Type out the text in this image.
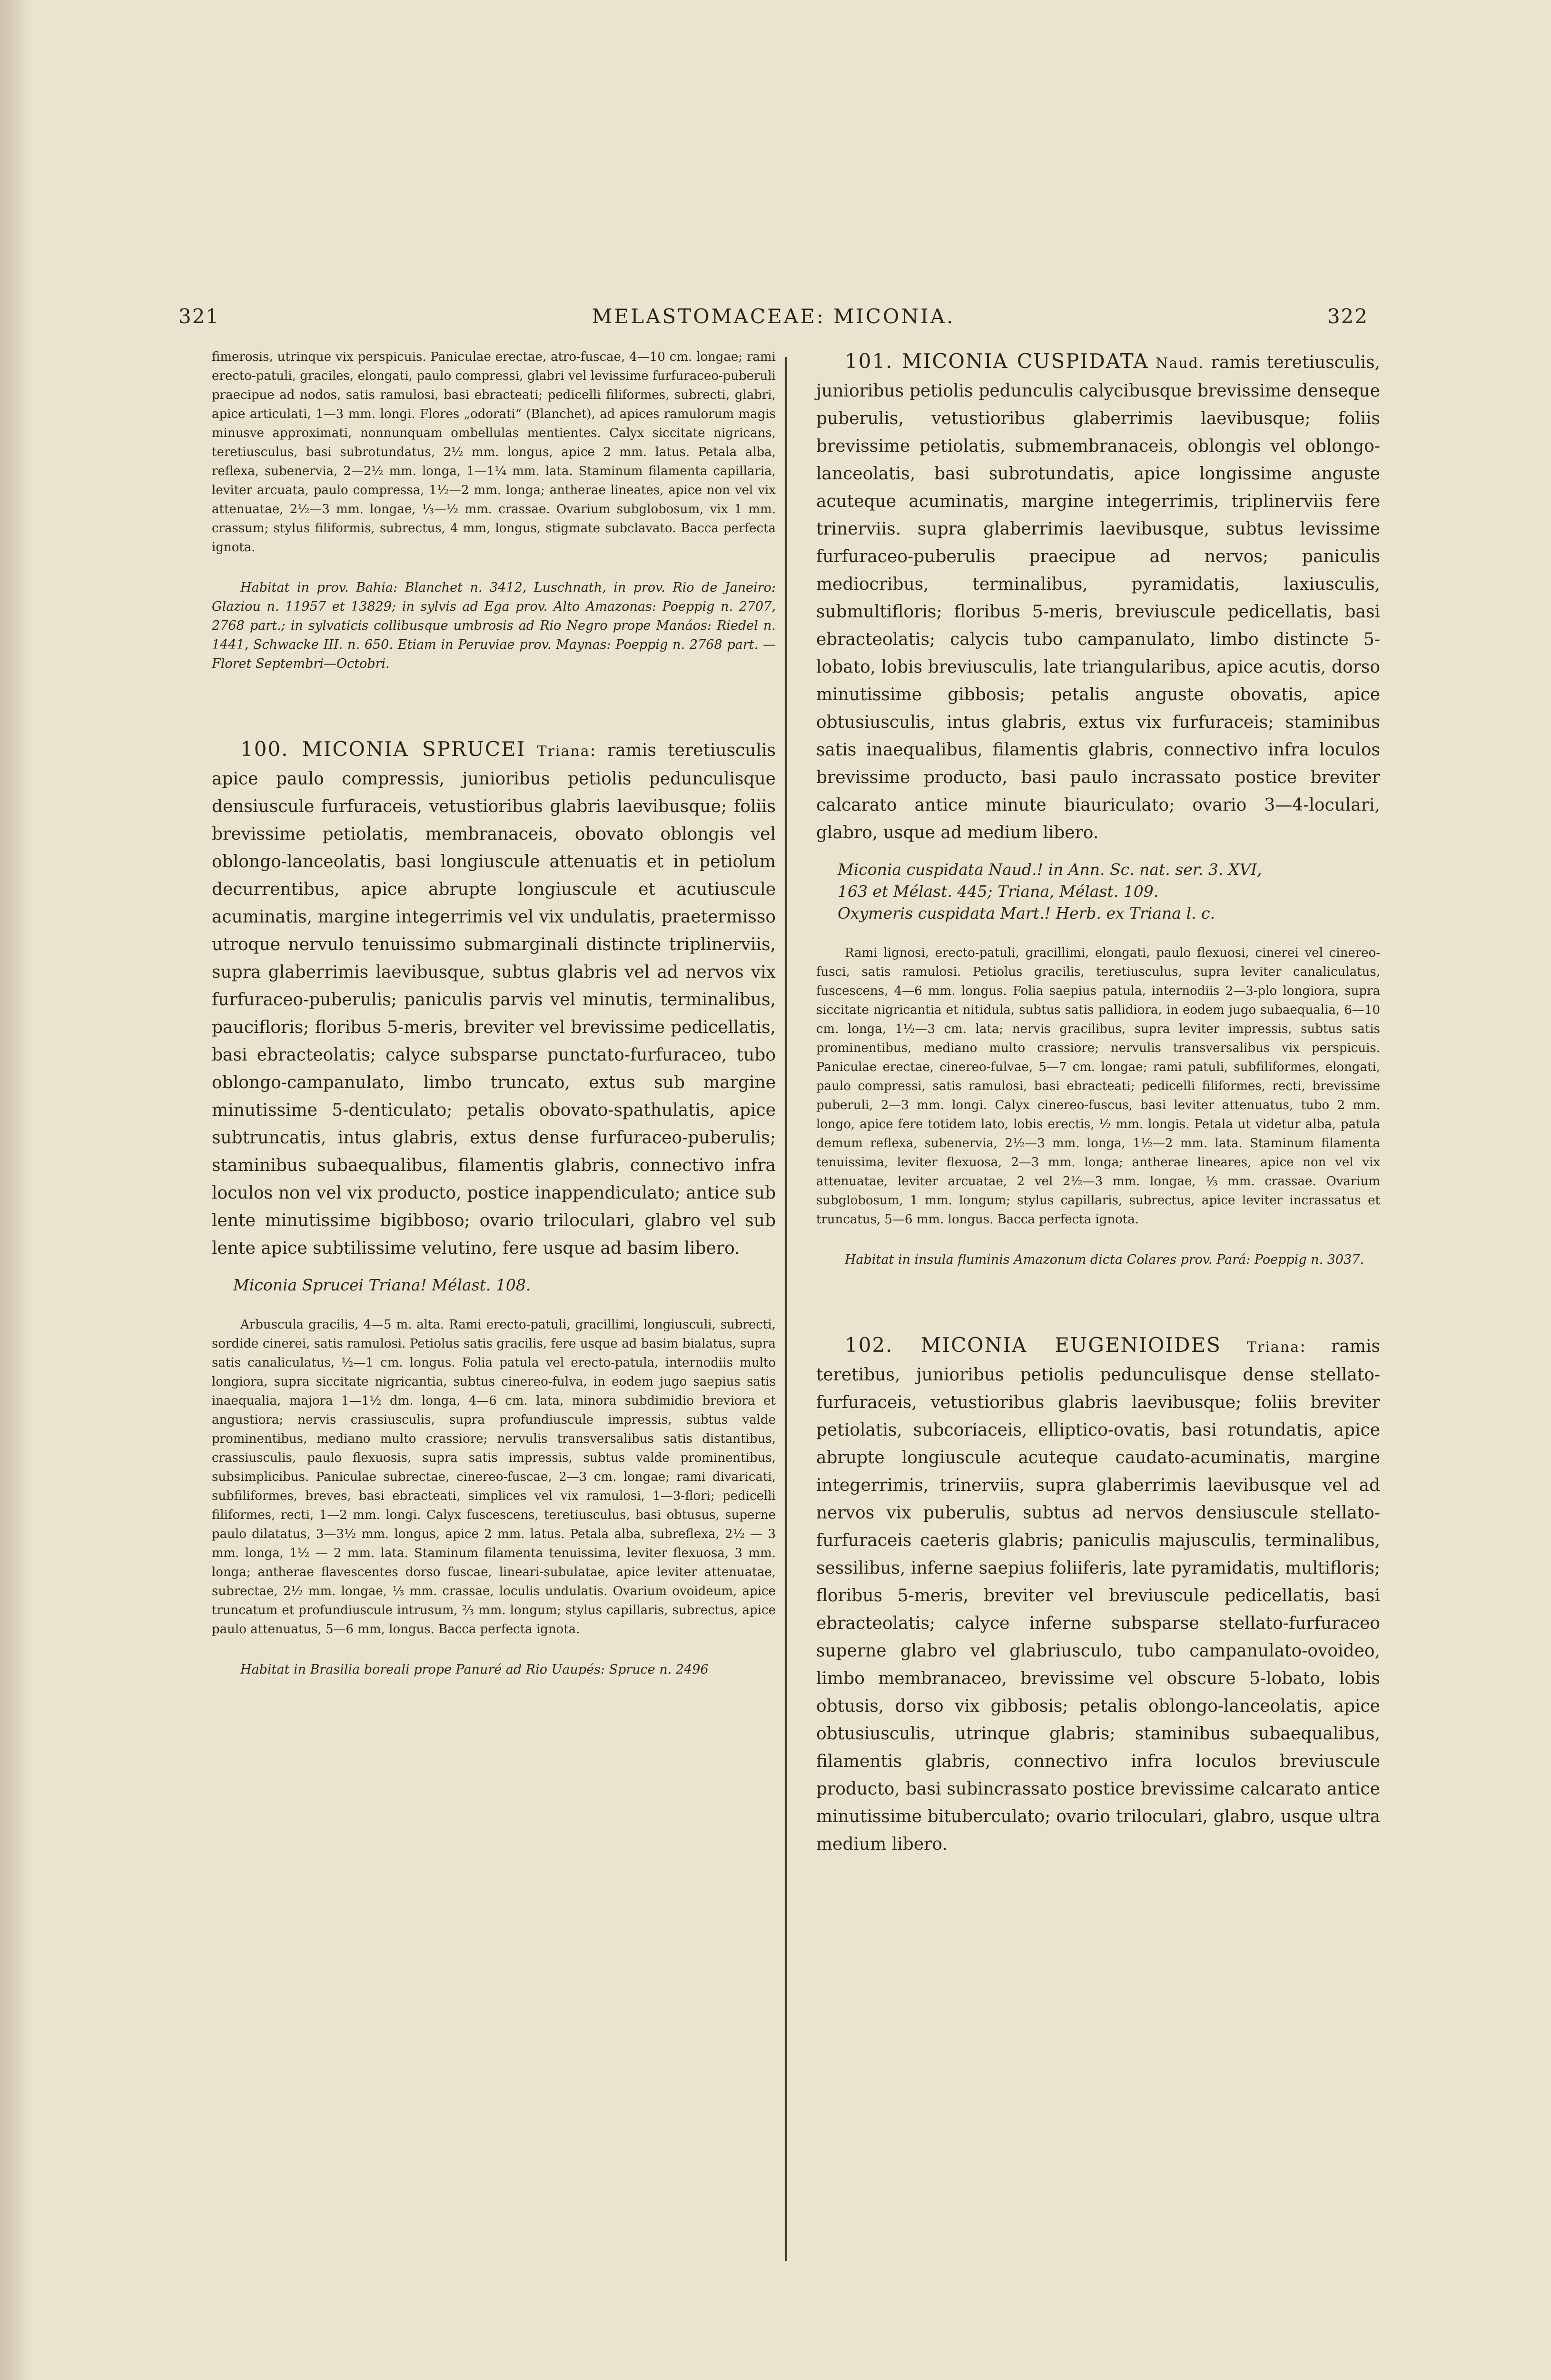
321	MELASTOMACEAE: MICONIA.	322

fimerosis, utrinque vix perspicuis. Paniculae erectae, atro-fuscae, 4—10 cm. longae; rami erecto-patuli, graciles, elongati, paulo compressi, glabri vel levissime furfuraceo-puberuli praecipue ad nodos, satis ramulosi, basi ebracteati; pedicelli filiformes, subrecti, glabri, apice articulati, 1—3 mm. longi. Flores „odorati“ (Blanchet), ad apices ramulorum magis minusve approximati, nonnunquam ombellulas mentientes. Calyx siccitate nigricans, teretiusculus, basi subrotundatus, 2½ mm. longus, apice 2 mm. latus. Petala alba, reflexa, subenervia, 2—2½ mm. longa, 1—1¼ mm. lata. Staminum filamenta capillaria, leviter arcuata, paulo compressa, 1½—2 mm. longa; antherae lineates, apice non vel vix attenuatae, 2½—3 mm. longae, ⅓—½ mm. crassae. Ovarium subglobosum, vix 1 mm. crassum; stylus filiformis, subrectus, 4 mm, longus, stigmate subclavato. Bacca perfecta ignota.

Habitat in prov. Bahia: Blanchet n. 3412, Luschnath, in prov. Rio de Janeiro: Glaziou n. 11957 et 13829; in sylvis ad Ega prov. Alto Amazonas: Poeppig n. 2707, 2768 part.; in sylvaticis collibusque umbrosis ad Rio Negro prope Manáos: Riedel n. 1441, Schwacke III. n. 650. Etiam in Peruviae prov. Maynas: Poeppig n. 2768 part. — Floret Septembri—Octobri.

100. MICONIA SPRUCEI Triana: ramis teretiusculis apice paulo compressis, junioribus petiolis pedunculisque densiuscule furfuraceis, vetustioribus glabris laevibusque; foliis brevissime petiolatis, membranaceis, obovato oblongis vel oblongo-lanceolatis, basi longiuscule attenuatis et in petiolum decurrentibus, apice abrupte longiuscule et acutiuscule acuminatis, margine integerrimis vel vix undulatis, praetermisso utroque nervulo tenuissimo submarginali distincte triplinerviis, supra glaberrimis laevibusque, subtus glabris vel ad nervos vix furfuraceo-puberulis; paniculis parvis vel minutis, terminalibus, paucifloris; floribus 5-meris, breviter vel brevissime pedicellatis, basi ebracteolatis; calyce subsparse punctato-furfuraceo, tubo oblongo-campanulato, limbo truncato, extus sub margine minutissime 5-denticulato; petalis obovato-spathulatis, apice subtruncatis, intus glabris, extus dense furfuraceo-puberulis; staminibus subaequalibus, filamentis glabris, connectivo infra loculos non vel vix producto, postice inappendiculato; antice sub lente minutissime bigibboso; ovario triloculari, glabro vel sub lente apice subtilissime velutino, fere usque ad basim libero.

Miconia Sprucei Triana! Mélast. 108.

Arbuscula gracilis, 4—5 m. alta. Rami erecto-patuli, gracillimi, longiusculi, subrecti, sordide cinerei, satis ramulosi. Petiolus satis gracilis, fere usque ad basim bialatus, supra satis canaliculatus, ½—1 cm. longus. Folia patula vel erecto-patula, internodiis multo longiora, supra siccitate nigricantia, subtus cinereo-fulva, in eodem jugo saepius satis inaequalia, majora 1—1½ dm. longa, 4—6 cm. lata, minora subdimidio breviora et angustiora; nervis crassiusculis, supra profundiuscule impressis, subtus valde prominentibus, mediano multo crassiore; nervulis transversalibus satis distantibus, crassiusculis, paulo flexuosis, supra satis impressis, subtus valde prominentibus, subsimplicibus. Paniculae subrectae, cinereo-fuscae, 2—3 cm. longae; rami divaricati, subfiliformes, breves, basi ebracteati, simplices vel vix ramulosi, 1—3-flori; pedicelli filiformes, recti, 1—2 mm. longi. Calyx fuscescens, teretiusculus, basi obtusus, superne paulo dilatatus, 3—3½ mm. longus, apice 2 mm. latus. Petala alba, subreflexa, 2½ — 3 mm. longa, 1½ — 2 mm. lata. Staminum filamenta tenuissima, leviter flexuosa, 3 mm. longa; antherae flavescentes dorso fuscae, lineari-subulatae, apice leviter attenuatae, subrectae, 2½ mm. longae, ⅓ mm. crassae, loculis undulatis. Ovarium ovoideum, apice truncatum et profundiuscule intrusum, ⅔ mm. longum; stylus capillaris, subrectus, apice paulo attenuatus, 5—6 mm, longus. Bacca perfecta ignota.

Habitat in Brasilia boreali prope Panuré ad Rio Uaupés: Spruce n. 2496

101. MICONIA CUSPIDATA Naud. ramis teretiusculis, junioribus petiolis pedunculis calycibusque brevissime denseque puberulis, vetustioribus glaberrimis laevibusque; foliis brevissime petiolatis, submembranaceis, oblongis vel oblongo-lanceolatis, basi subrotundatis, apice longissime anguste acuteque acuminatis, margine integerrimis, triplinerviis fere trinerviis. supra glaberrimis laevibusque, subtus levissime furfuraceo-puberulis praecipue ad nervos; paniculis mediocribus, terminalibus, pyramidatis, laxiusculis, submultifloris; floribus 5-meris, breviuscule pedicellatis, basi ebracteolatis; calycis tubo campanulato, limbo distincte 5-lobato, lobis breviusculis, late triangularibus, apice acutis, dorso minutissime gibbosis; petalis anguste obovatis, apice obtusiusculis, intus glabris, extus vix furfuraceis; staminibus satis inaequalibus, filamentis glabris, connectivo infra loculos brevissime producto, basi paulo incrassato postice breviter calcarato antice minute biauriculato; ovario 3—4-loculari, glabro, usque ad medium libero.

Miconia cuspidata Naud.! in Ann. Sc. nat. ser. 3. XVI,

163 et Mélast. 445; Triana, Mélast. 109.

Oxymeris cuspidata Mart.! Herb. ex Triana l. c.

Rami lignosi, erecto-patuli, gracillimi, elongati, paulo flexuosi, cinerei vel cinereo-fusci, satis ramulosi. Petiolus gracilis, teretiusculus, supra leviter canaliculatus, fuscescens, 4—6 mm. longus. Folia saepius patula, internodiis 2—3-plo longiora, supra siccitate nigricantia et nitidula, subtus satis pallidiora, in eodem jugo subaequalia, 6—10 cm. longa, 1½—3 cm. lata; nervis gracilibus, supra leviter impressis, subtus satis prominentibus, mediano multo crassiore; nervulis transversalibus vix perspicuis. Paniculae erectae, cinereo-fulvae, 5—7 cm. longae; rami patuli, subfiliformes, elongati, paulo compressi, satis ramulosi, basi ebracteati; pedicelli filiformes, recti, brevissime puberuli, 2—3 mm. longi. Calyx cinereo-fuscus, basi leviter attenuatus, tubo 2 mm. longo, apice fere totidem lato, lobis erectis, ½ mm. longis. Petala ut videtur alba, patula demum reflexa, subenervia, 2½—3 mm. longa, 1½—2 mm. lata. Staminum filamenta tenuissima, leviter flexuosa, 2—3 mm. longa; antherae lineares, apice non vel vix attenuatae, leviter arcuatae, 2 vel 2½—3 mm. longae, ⅓ mm. crassae. Ovarium subglobosum, 1 mm. longum; stylus capillaris, subrectus, apice leviter incrassatus et truncatus, 5—6 mm. longus. Bacca perfecta ignota.

Habitat in insula fluminis Amazonum dicta Colares prov. Pará: Poeppig n. 3037.

102. MICONIA EUGENIOIDES Triana: ramis teretibus, junioribus petiolis pedunculisque dense stellato-furfuraceis, vetustioribus glabris laevibusque; foliis breviter petiolatis, subcoriaceis, elliptico-ovatis, basi rotundatis, apice abrupte longiuscule acuteque caudato-acuminatis, margine integerrimis, trinerviis, supra glaberrimis laevibusque vel ad nervos vix puberulis, subtus ad nervos densiuscule stellato-furfuraceis caeteris glabris; paniculis majusculis, terminalibus, sessilibus, inferne saepius foliiferis, late pyramidatis, multifloris; floribus 5-meris, breviter vel breviuscule pedicellatis, basi ebracteolatis; calyce inferne subsparse stellato-furfuraceo superne glabro vel glabriusculo, tubo campanulato-ovoideo, limbo membranaceo, brevissime vel obscure 5-lobato, lobis obtusis, dorso vix gibbosis; petalis oblongo-lanceolatis, apice obtusiusculis, utrinque glabris; staminibus subaequalibus, filamentis glabris, connectivo infra loculos breviuscule producto, basi subincrassato postice brevissime calcarato antice minutissime bituberculato; ovario triloculari, glabro, usque ultra medium libero.
